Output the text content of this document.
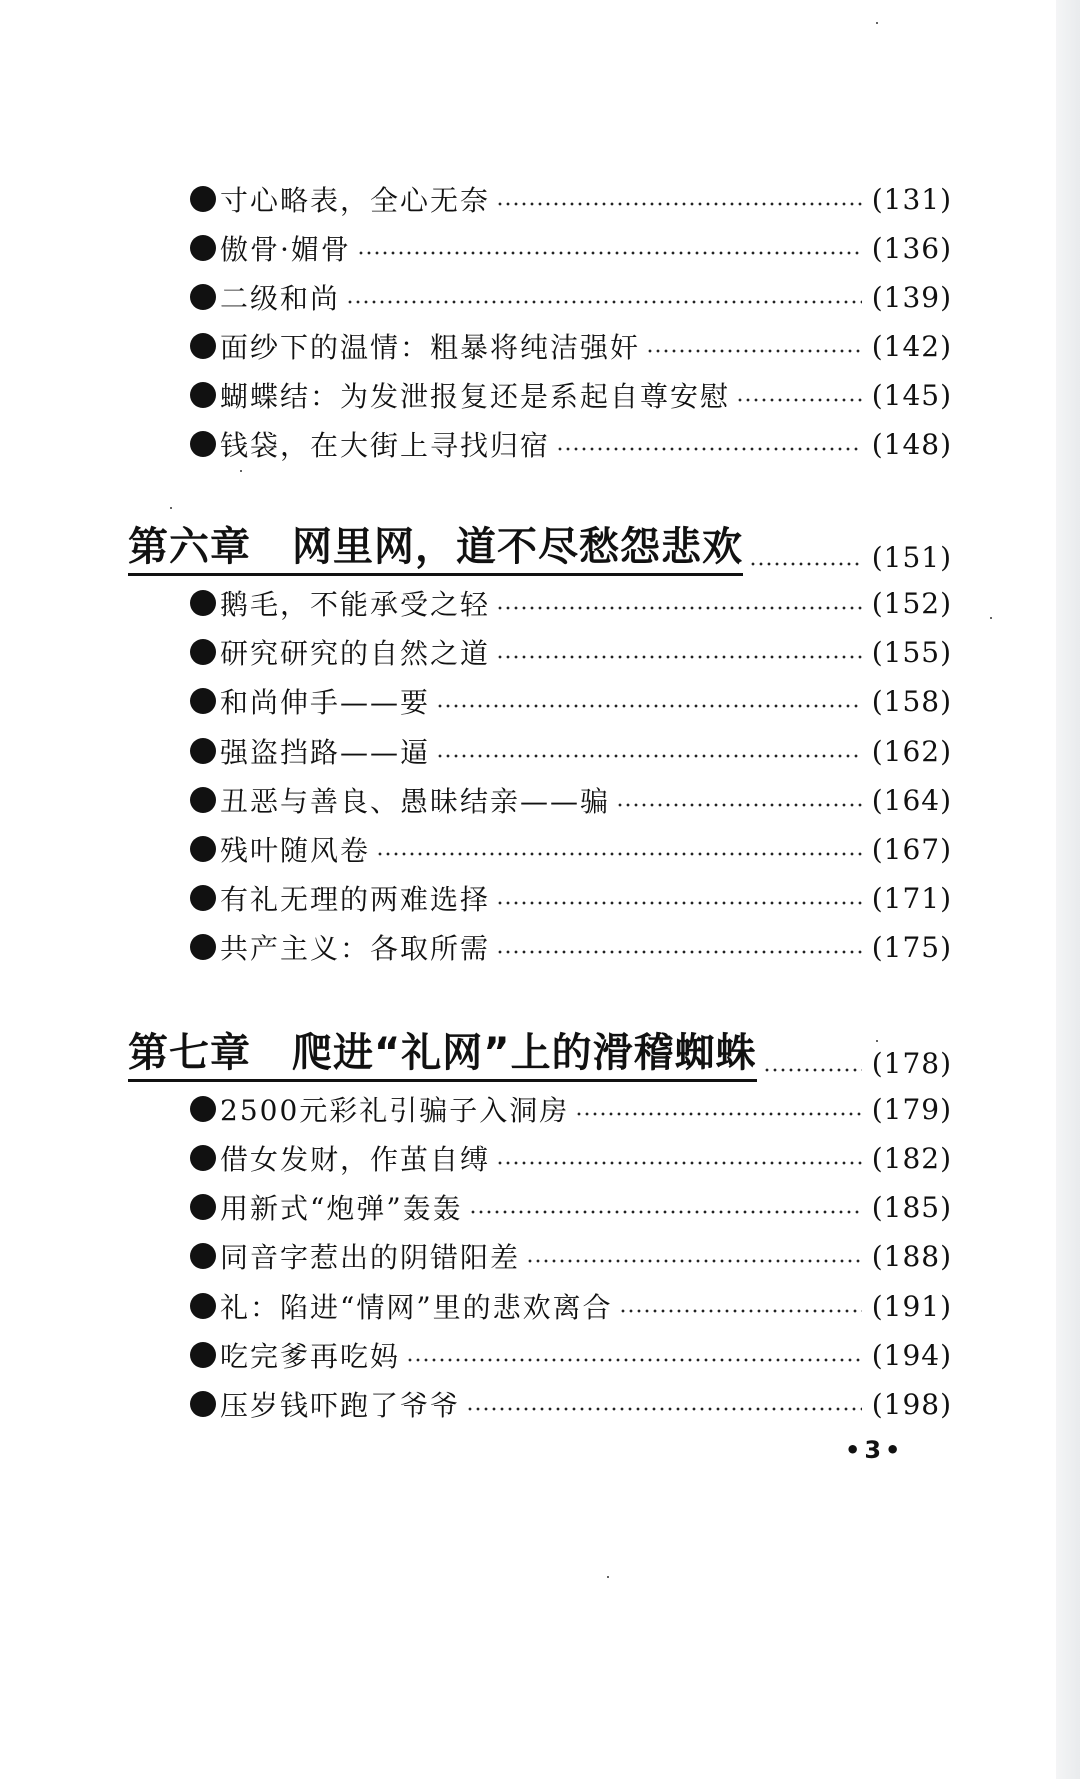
寸心略表，全心无奈	(131)
傲骨·媚骨	(136)
二级和尚	(139)
面纱下的温情：粗暴将纯洁强奸	(142)
蝴蝶结：为发泄报复还是系起自尊安慰	(145)
钱袋，在大街上寻找归宿	(148)
第六章　网里网，道不尽愁怨悲欢	(151)
鹅毛，不能承受之轻	(152)
研究研究的自然之道	(155)
和尚伸手——要	(158)
强盗挡路——逼	(162)
丑恶与善良、愚昧结亲——骗	(164)
残叶随风卷	(167)
有礼无理的两难选择	(171)
共产主义：各取所需	(175)
第七章　爬进“礼网”上的滑稽蜘蛛	(178)
2500元彩礼引骗子入洞房	(179)
借女发财，作茧自缚	(182)
用新式“炮弹”轰轰	(185)
同音字惹出的阴错阳差	(188)
礼：陷进“情网”里的悲欢离合	(191)
吃完爹再吃妈	(194)
压岁钱吓跑了爷爷	(198)
•3•
